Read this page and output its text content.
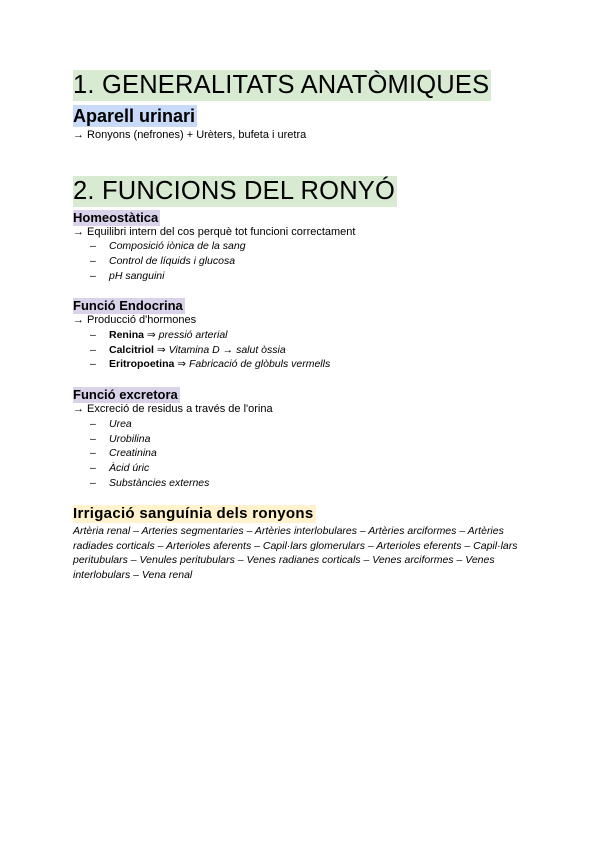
1. GENERALITATS ANATÒMIQUES
Aparell urinari
→ Ronyons (nefrones) + Urèters, bufeta i uretra
2. FUNCIONS DEL RONYÓ
Homeostàtica
→ Equilibri intern del cos perquè tot funcioni correctament
– Composició iònica de la sang
– Control de líquids i glucosa
– pH sanguini
Funció Endocrina
→ Producció d'hormones
– Renina ⇒ pressió arterial
– Calcitriol ⇒ Vitamina D → salut òssia
– Eritropoetina ⇒ Fabricació de glòbuls vermells
Funció excretora
→ Excreció de residus a través de l'orina
– Urea
– Urobilina
– Creatinina
– Àcid úric
– Substàncies externes
Irrigació sanguínia dels ronyons
Artèria renal – Arteries segmentaries – Artèries interlobulares – Artèries arciformes – Artèries radiades corticals – Arterioles aferents – Capil·lars glomerulars – Arterioles eferents – Capil·lars peritubulars – Venules peritubulars – Venes radianes corticals – Venes arciformes – Venes interlobulars – Vena renal
